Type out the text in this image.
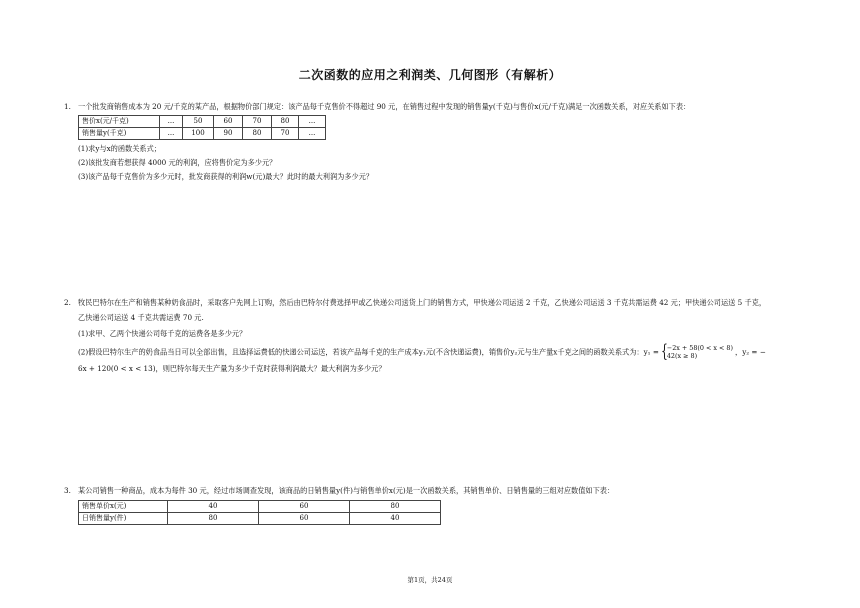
二次函数的应用之利润类、几何图形（有解析）
1. 一个批发商销售成本为 20 元/千克的某产品，根据物价部门规定：该产品每千克售价不得超过 90 元，在销售过程中发现的销售量y(千克)与售价x(元/千克)满足一次函数关系，对应关系如下表：
售价x(元/千克)	...	50	60	70	80	...
销售量y(千克)	...	100	90	80	70	...
(1)求y与x的函数关系式；
(2)该批发商若想获得 4000 元的利润，应将售价定为多少元？
(3)该产品每千克售价为多少元时，批发商获得的利润w(元)最大？此时的最大利润为多少元？
2. 牧民巴特尔在生产和销售某种奶食品时，采取客户先网上订购，然后由巴特尔付费选择甲或乙快递公司送货上门的销售方式，甲快递公司运送 2 千克，乙快递公司运送 3 千克共需运费 42 元；甲快递公司运送 5 千克，
乙快递公司运送 4 千克共需运费 70 元.
(1)求甲、乙两个快递公司每千克的运费各是多少元？
(2)假设巴特尔生产的奶食品当日可以全部出售，且选择运费低的快递公司运送，若该产品每千克的生产成本y₁元(不含快递运费)，销售价y₂元与生产量x千克之间的函数关系式为：y₁ = { −2x + 58(0 < x < 8)
42(x ≥ 8)	，y₂ = −
6x + 120(0 < x < 13)，则巴特尔每天生产量为多少千克时获得利润最大？最大利润为多少元？
3. 某公司销售一种商品，成本为每件 30 元，经过市场调查发现，该商品的日销售量y(件)与销售单价x(元)是一次函数关系，其销售单价、日销售量的三组对应数值如下表：
销售单价x(元)	40	60	80
日销售量y(件)	80	60	40
第1页，共24页
